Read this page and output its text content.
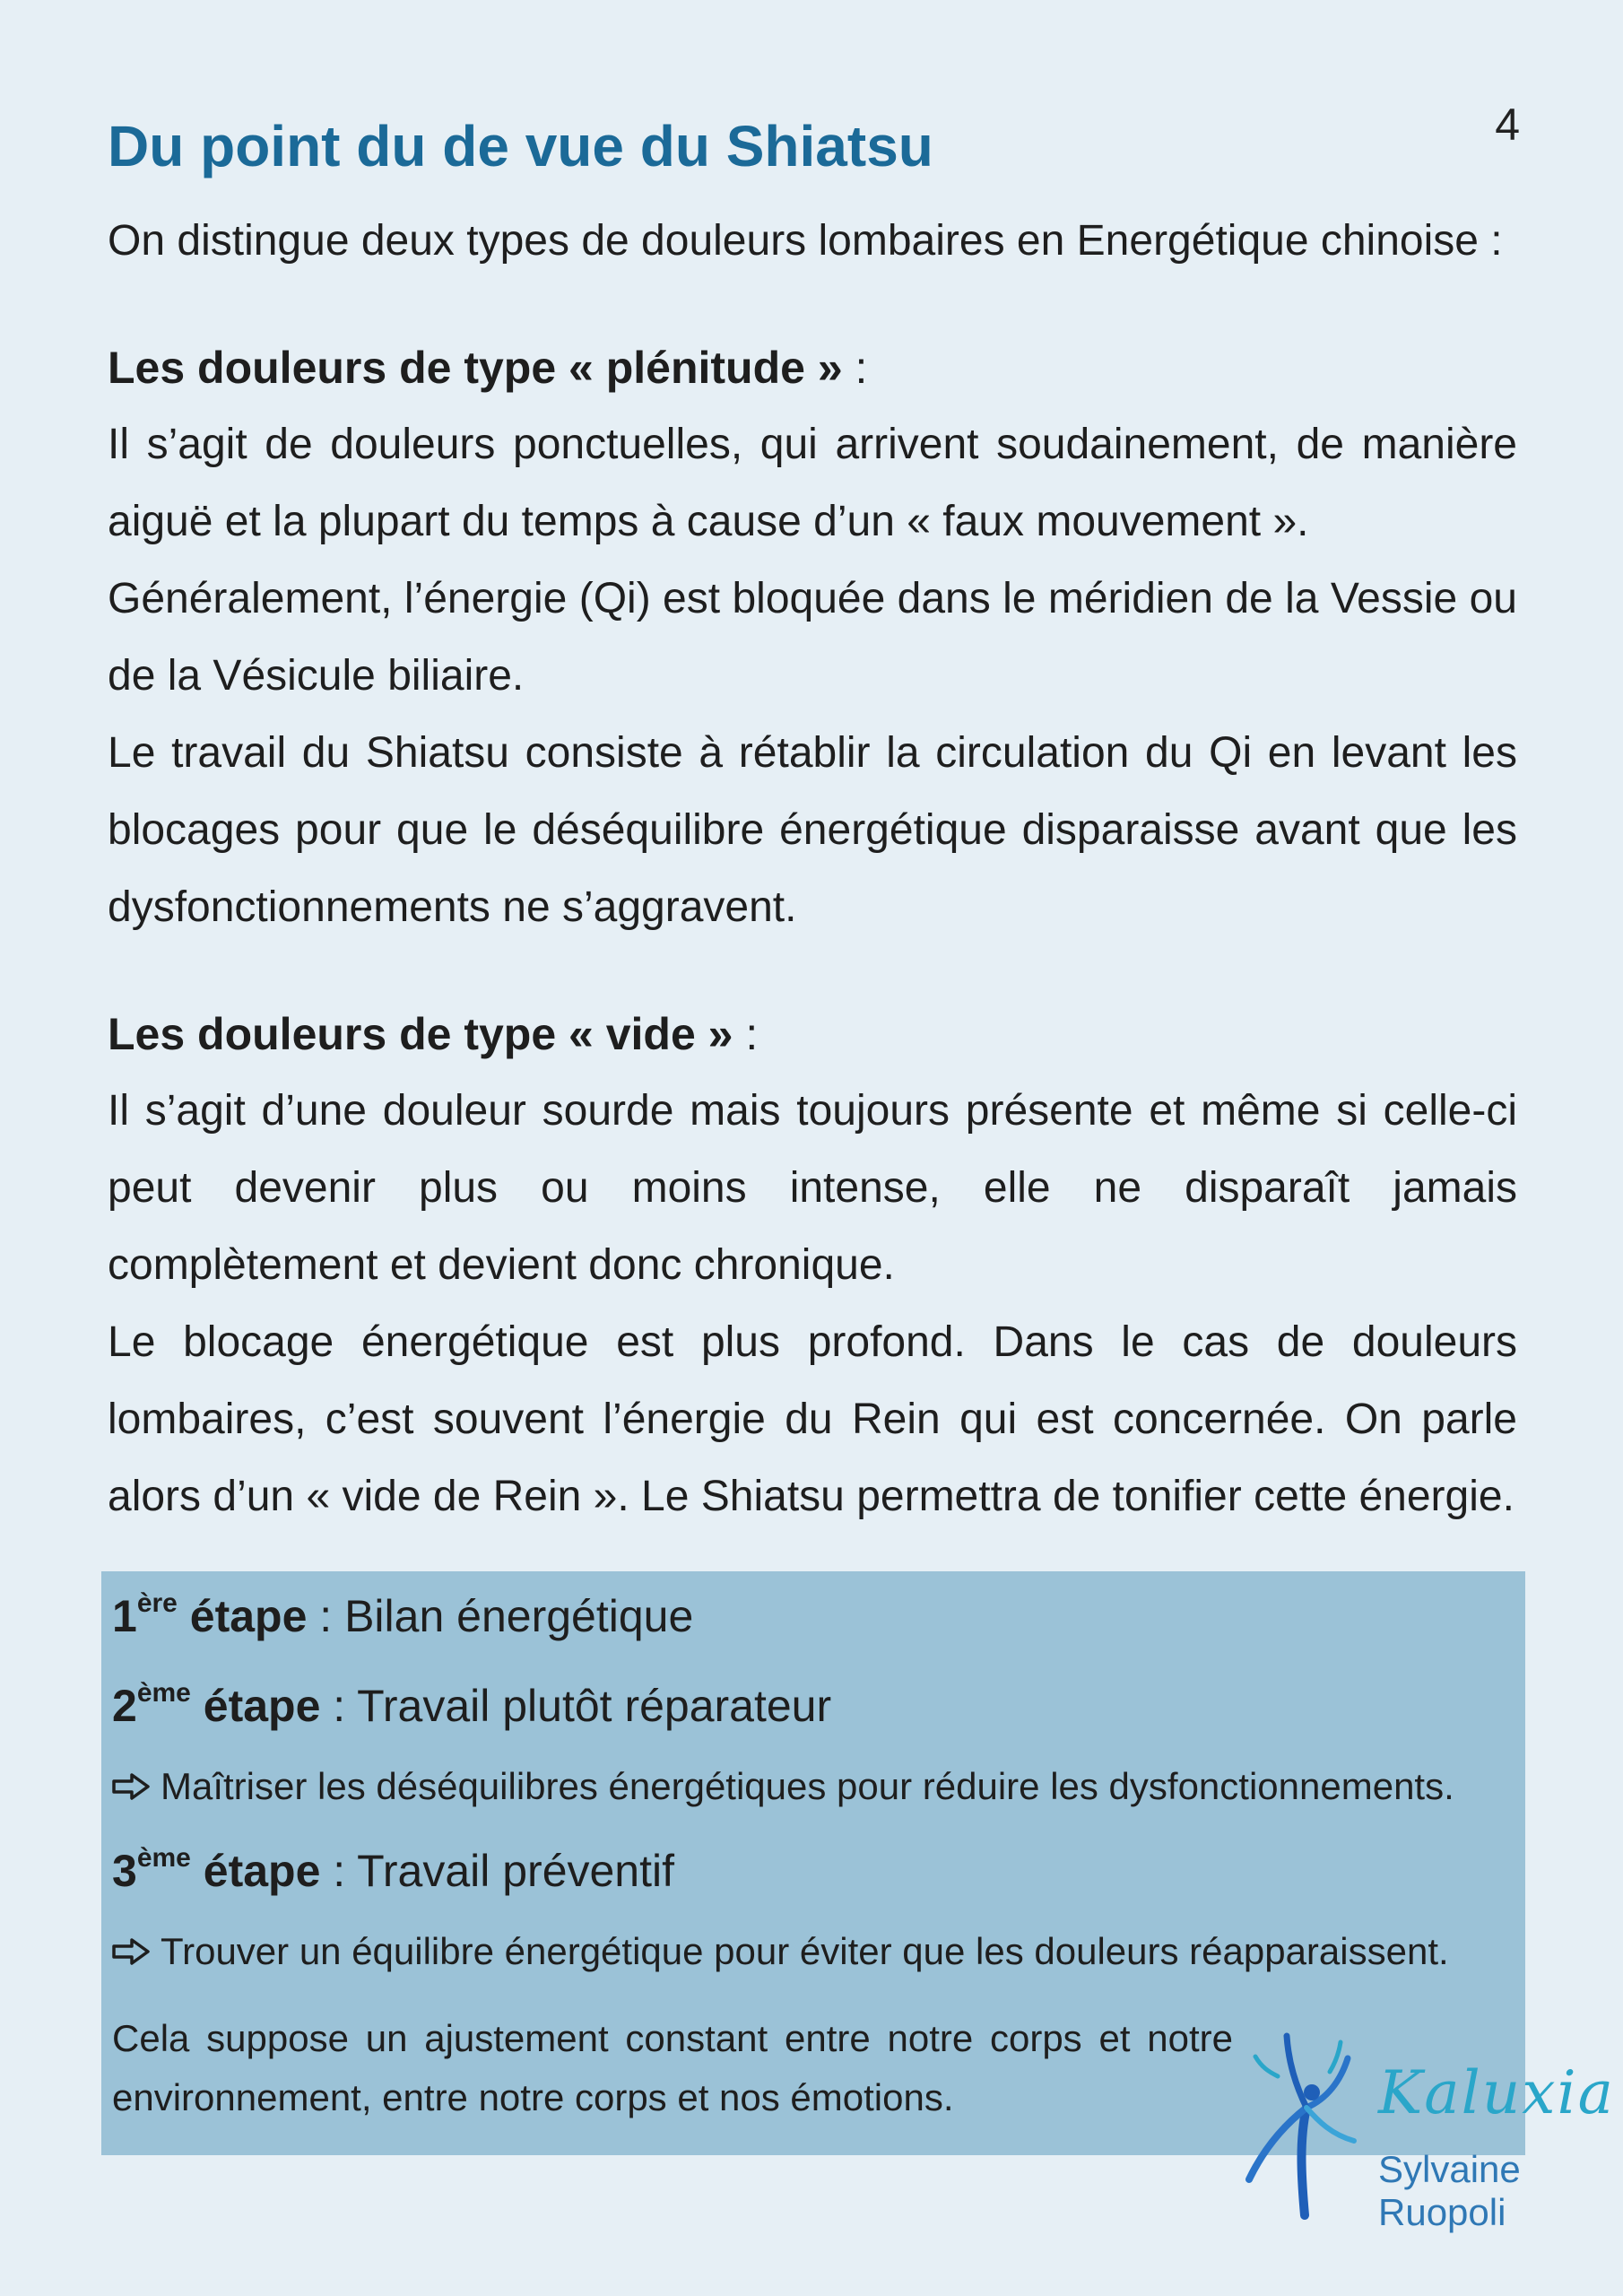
4
Du point du de vue du Shiatsu

On distingue deux types de douleurs lombaires en Energétique chinoise :

Les douleurs de type « plénitude » :

Il s’agit de douleurs ponctuelles, qui arrivent soudainement, de manière aiguë et la plupart du temps à cause d’un « faux mouvement ».

Généralement, l’énergie (Qi) est bloquée dans le méridien de la Vessie ou de la Vésicule biliaire.

Le travail du Shiatsu consiste à rétablir la circulation du Qi en levant les blocages pour que le déséquilibre énergétique disparaisse avant que les dysfonctionnements ne s’aggravent.

Les douleurs de type « vide » :

Il s’agit d’une douleur sourde mais toujours présente et même si celle-ci peut devenir plus ou moins intense, elle ne disparaît jamais complètement et devient donc chronique.

Le blocage énergétique est plus profond. Dans le cas de douleurs lombaires, c’est souvent l’énergie du Rein qui est concernée. On parle alors d’un « vide de Rein ». Le Shiatsu permettra de tonifier cette énergie.

1ère étape : Bilan énergétique

2ème étape : Travail plutôt réparateur

Maîtriser les déséquilibres énergétiques pour réduire les dysfonctionnements.

3ème étape : Travail préventif

Trouver un équilibre énergétique pour éviter que les douleurs réapparaissent.

Cela suppose un ajustement constant entre notre corps et notre environnement, entre notre corps et nos émotions.	Kaluxia
Sylvaine Ruopoli
